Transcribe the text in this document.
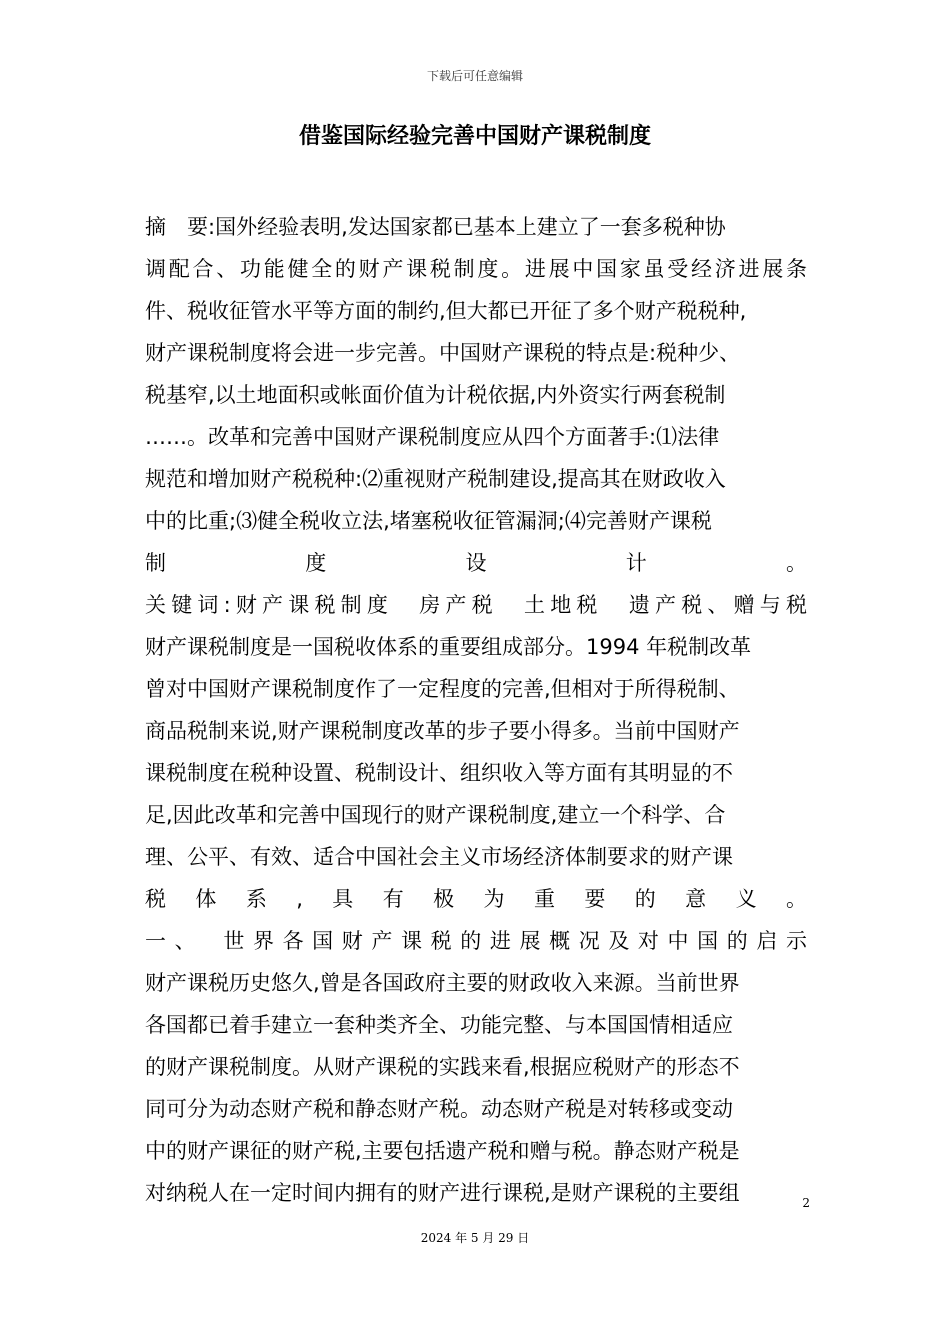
下载后可任意编辑
借鉴国际经验完善中国财产课税制度
摘　要:国外经验表明,发达国家都已基本上建立了一套多税种协
调配合、功能健全的财产课税制度。进展中国家虽受经济进展条
件、税收征管水平等方面的制约,但大都已开征了多个财产税税种,
财产课税制度将会进一步完善。中国财产课税的特点是:税种少、
税基窄,以土地面积或帐面价值为计税依据,内外资实行两套税制
……。改革和完善中国财产课税制度应从四个方面著手:⑴法律
规范和增加财产税税种:⑵重视财产税制建设,提高其在财政收入
中的比重;⑶健全税收立法,堵塞税收征管漏洞;⑷完善财产课税
制　度　设　计　。
关键词:财产课税制度　房产税　土地税　遗产税、赠与税
财产课税制度是一国税收体系的重要组成部分。1994 年税制改革
曾对中国财产课税制度作了一定程度的完善,但相对于所得税制、
商品税制来说,财产课税制度改革的步子要小得多。当前中国财产
课税制度在税种设置、税制设计、组织收入等方面有其明显的不
足,因此改革和完善中国现行的财产课税制度,建立一个科学、合
理、公平、有效、适合中国社会主义市场经济体制要求的财产课
税　体　系　,　具　有　极　为　重　要　的　意　义　。
一、　世界各国财产课税的进展概况及对中国的启示
财产课税历史悠久,曾是各国政府主要的财政收入来源。当前世界
各国都已着手建立一套种类齐全、功能完整、与本国国情相适应
的财产课税制度。从财产课税的实践来看,根据应税财产的形态不
同可分为动态财产税和静态财产税。动态财产税是对转移或变动
中的财产课征的财产税,主要包括遗产税和赠与税。静态财产税是
对纳税人在一定时间内拥有的财产进行课税,是财产课税的主要组	2
2024 年 5 月 29 日
